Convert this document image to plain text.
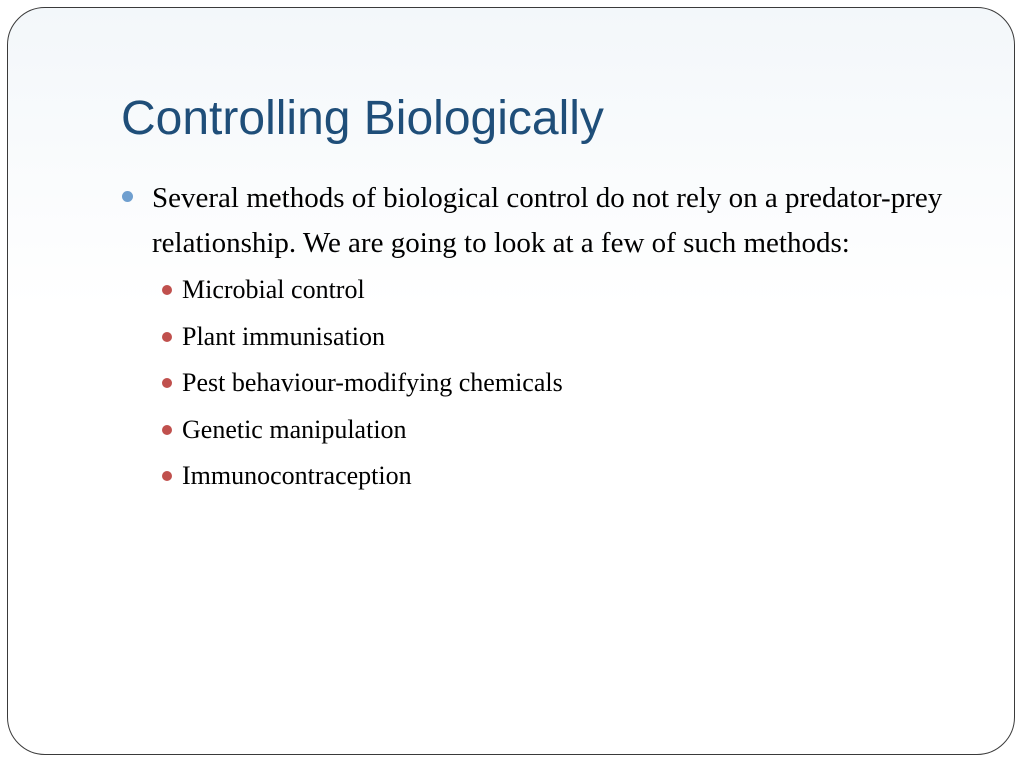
Controlling Biologically
Several methods of biological control do not rely on a predator-prey relationship. We are going to look at a few of such methods:
Microbial control
Plant immunisation
Pest behaviour-modifying chemicals
Genetic manipulation
Immunocontraception
